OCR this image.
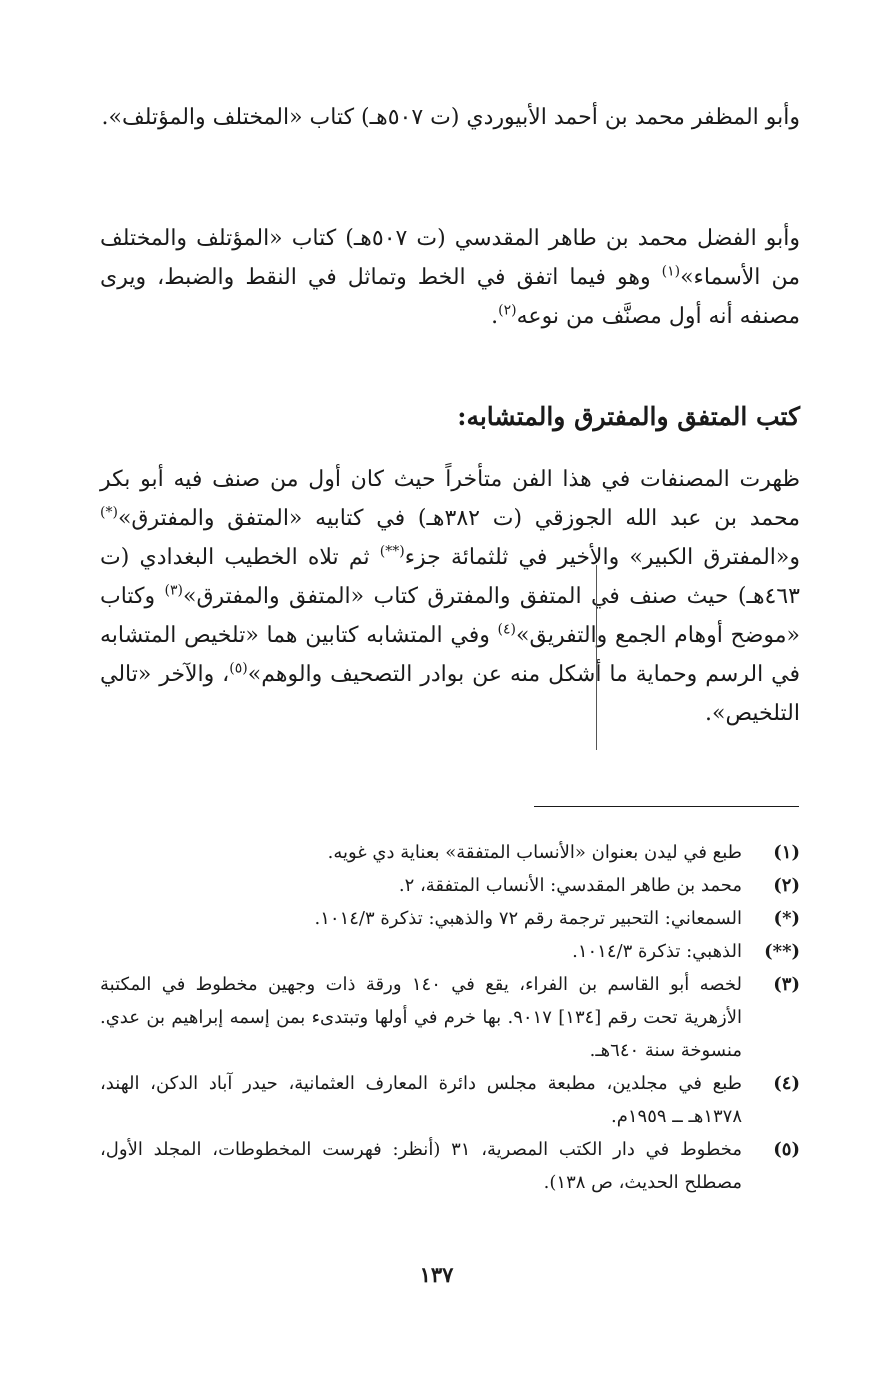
وأبو المظفر محمد بن أحمد الأبيوردي (ت ٥٠٧هـ) كتاب «المختلف والمؤتلف».
وأبو الفضل محمد بن طاهر المقدسي (ت ٥٠٧هـ) كتاب «المؤتلف والمختلف من الأسماء»$^{(١)}$ وهو فيما اتفق في الخط وتماثل في النقط والضبط، ويرى مصنفه أنه أول مصنَّف من نوعه$^{(٢)}$.
كتب المتفق والمفترق والمتشابه:
ظهرت المصنفات في هذا الفن متأخراً حيث كان أول من صنف فيه أبو بكر محمد بن عبد الله الجوزقي (ت ٣٨٢هـ) في كتابيه «المتفق والمفترق»(*) و«المفترق الكبير» والأخير في ثلثمائة جزء(**) ثم تلاه الخطيب البغدادي (ت ٤٦٣هـ) حيث صنف في المتفق والمفترق كتاب «المتفق والمفترق»$^{(٣)}$ وكتاب «موضح أوهام الجمع والتفريق»$^{(٤)}$ وفي المتشابه كتابين هما «تلخيص المتشابه في الرسم وحماية ما أشكل منه عن بوادر التصحيف والوهم»$^{(٥)}$، والآخر «تالي التلخيص».
(١)
طبع في ليدن بعنوان «الأنساب المتفقة» بعناية دي غويه.
(٢)
محمد بن طاهر المقدسي: الأنساب المتفقة، ٢.
(*)
السمعاني: التحبير ترجمة رقم ٧٢ والذهبي: تذكرة ١٠١٤/٣.
(**)
الذهبي: تذكرة ١٠١٤/٣.
(٣)
لخصه أبو القاسم بن الفراء، يقع في ١٤٠ ورقة ذات وجهين مخطوط في المكتبة الأزهرية تحت رقم [١٣٤] ٩٠١٧. بها خرم في أولها وتبتدىء بمن إسمه إبراهيم بن عدي. منسوخة سنة ٦٤٠هـ.
(٤)
طبع في مجلدين، مطبعة مجلس دائرة المعارف العثمانية، حيدر آباد الدكن، الهند، ١٣٧٨هـ ــ ١٩٥٩م.
(٥)
مخطوط في دار الكتب المصرية، ٣١ (أنظر: فهرست المخطوطات، المجلد الأول، مصطلح الحديث، ص ١٣٨).
١٣٧
